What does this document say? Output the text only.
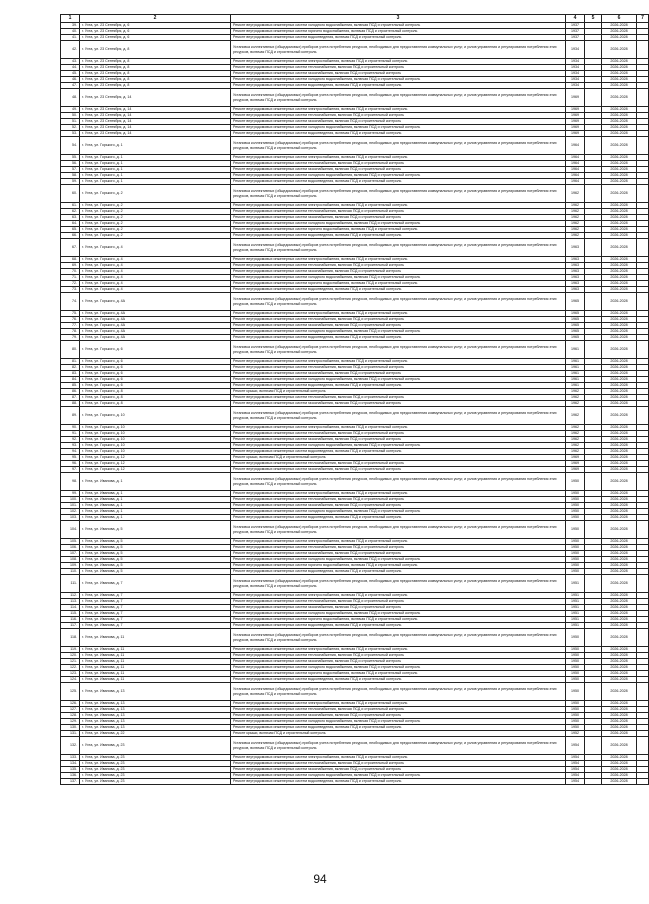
1	2	3	4	5	6	7
39.	г. Ухта, ул. 23 Сентября, д. 6	Ремонт внутридомовых инженерных систем холодного водоснабжения, включая ПСД и строительный контроль	1937		2026-2028	
40.	г. Ухта, ул. 23 Сентября, д. 6	Ремонт внутридомовых инженерных систем горячего водоснабжения, включая ПСД и строительный контроль	1937		2026-2028	
41.	г. Ухта, ул. 23 Сентября, д. 6	Ремонт внутридомовых инженерных систем водоотведения, включая ПСД и строительный контроль	1937		2026-2028	
42.	г. Ухта, ул. 23 Сентября, д. 8	Установка коллективных (общедомовых) приборов учета потребления ресурсов, необходимых для предоставления коммунальных услуг, и узлов управления и регулирования потребления этих ресурсов, включая ПСД и строительный контроль	1934		2026-2028	
43.	г. Ухта, ул. 23 Сентября, д. 8	Ремонт внутридомовых инженерных систем электроснабжения, включая ПСД и строительный контроль	1934		2026-2028	
44.	г. Ухта, ул. 23 Сентября, д. 8	Ремонт внутридомовых инженерных систем теплоснабжения, включая ПСД и строительный контроль	1934		2026-2028	
45.	г. Ухта, ул. 23 Сентября, д. 8	Ремонт внутридомовых инженерных систем газоснабжения, включая ПСД и строительный контроль	1934		2026-2028	
46.	г. Ухта, ул. 23 Сентября, д. 8	Ремонт внутридомовых инженерных систем холодного водоснабжения, включая ПСД и строительный контроль	1934		2026-2028	
47.	г. Ухта, ул. 23 Сентября, д. 8	Ремонт внутридомовых инженерных систем водоотведения, включая ПСД и строительный контроль	1934		2026-2028	
48.	г. Ухта, ул. 23 Сентября, д. 14	Установка коллективных (общедомовых) приборов учета потребления ресурсов, необходимых для предоставления коммунальных услуг, и узлов управления и регулирования потребления этих ресурсов, включая ПСД и строительный контроль	1969		2026-2028	
49.	г. Ухта, ул. 23 Сентября, д. 14	Ремонт внутридомовых инженерных систем электроснабжения, включая ПСД и строительный контроль	1969		2026-2028	
50.	г. Ухта, ул. 23 Сентября, д. 14	Ремонт внутридомовых инженерных систем теплоснабжения, включая ПСД и строительный контроль	1969		2026-2028	
51.	г. Ухта, ул. 23 Сентября, д. 14	Ремонт внутридомовых инженерных систем газоснабжения, включая ПСД и строительный контроль	1969		2026-2028	
52.	г. Ухта, ул. 23 Сентября, д. 14	Ремонт внутридомовых инженерных систем холодного водоснабжения, включая ПСД и строительный контроль	1969		2026-2028	
53.	г. Ухта, ул. 23 Сентября, д. 14	Ремонт внутридомовых инженерных систем водоотведения, включая ПСД и строительный контроль	1969		2026-2028	
54.	г. Ухта, ул. Горького, д. 1	Установка коллективных (общедомовых) приборов учета потребления ресурсов, необходимых для предоставления коммунальных услуг, и узлов управления и регулирования потребления этих ресурсов, включая ПСД и строительный контроль	1964		2026-2028	
55.	г. Ухта, ул. Горького, д. 1	Ремонт внутридомовых инженерных систем электроснабжения, включая ПСД и строительный контроль	1964		2026-2028	
56.	г. Ухта, ул. Горького, д. 1	Ремонт внутридомовых инженерных систем теплоснабжения, включая ПСД и строительный контроль	1964		2026-2028	
57.	г. Ухта, ул. Горького, д. 1	Ремонт внутридомовых инженерных систем газоснабжения, включая ПСД и строительный контроль	1964		2026-2028	
58.	г. Ухта, ул. Горького, д. 1	Ремонт внутридомовых инженерных систем холодного водоснабжения, включая ПСД и строительный контроль	1964		2026-2028	
59.	г. Ухта, ул. Горького, д. 1	Ремонт внутридомовых инженерных систем водоотведения, включая ПСД и строительный контроль	1964		2026-2028	
60.	г. Ухта, ул. Горького, д. 2	Установка коллективных (общедомовых) приборов учета потребления ресурсов, необходимых для предоставления коммунальных услуг, и узлов управления и регулирования потребления этих ресурсов, включая ПСД и строительный контроль	1962		2026-2028	
61.	г. Ухта, ул. Горького, д. 2	Ремонт внутридомовых инженерных систем электроснабжения, включая ПСД и строительный контроль	1962		2026-2028	
62.	г. Ухта, ул. Горького, д. 2	Ремонт внутридомовых инженерных систем теплоснабжения, включая ПСД и строительный контроль	1962		2026-2028	
63.	г. Ухта, ул. Горького, д. 2	Ремонт внутридомовых инженерных систем газоснабжения, включая ПСД и строительный контроль	1962		2026-2028	
64.	г. Ухта, ул. Горького, д. 2	Ремонт внутридомовых инженерных систем холодного водоснабжения, включая ПСД и строительный контроль	1962		2026-2028	
65.	г. Ухта, ул. Горького, д. 2	Ремонт внутридомовых инженерных систем горячего водоснабжения, включая ПСД и строительный контроль	1962		2026-2028	
66.	г. Ухта, ул. Горького, д. 2	Ремонт внутридомовых инженерных систем водоотведения, включая ПСД и строительный контроль	1962		2026-2028	
67.	г. Ухта, ул. Горького, д. 4	Установка коллективных (общедомовых) приборов учета потребления ресурсов, необходимых для предоставления коммунальных услуг, и узлов управления и регулирования потребления этих ресурсов, включая ПСД и строительный контроль	1963		2026-2028	
68.	г. Ухта, ул. Горького, д. 4	Ремонт внутридомовых инженерных систем электроснабжения, включая ПСД и строительный контроль	1963		2026-2028	
69.	г. Ухта, ул. Горького, д. 4	Ремонт внутридомовых инженерных систем теплоснабжения, включая ПСД и строительный контроль	1963		2026-2028	
70.	г. Ухта, ул. Горького, д. 4	Ремонт внутридомовых инженерных систем газоснабжения, включая ПСД и строительный контроль	1963		2026-2028	
71.	г. Ухта, ул. Горького, д. 4	Ремонт внутридомовых инженерных систем холодного водоснабжения, включая ПСД и строительный контроль	1963		2026-2028	
72.	г. Ухта, ул. Горького, д. 4	Ремонт внутридомовых инженерных систем горячего водоснабжения, включая ПСД и строительный контроль	1963		2026-2028	
73.	г. Ухта, ул. Горького, д. 4	Ремонт внутридомовых инженерных систем водоотведения, включая ПСД и строительный контроль	1963		2026-2028	
74.	г. Ухта, ул. Горького, д. 4А	Установка коллективных (общедомовых) приборов учета потребления ресурсов, необходимых для предоставления коммунальных услуг, и узлов управления и регулирования потребления этих ресурсов, включая ПСД и строительный контроль	1965		2026-2028	
75.	г. Ухта, ул. Горького, д. 4А	Ремонт внутридомовых инженерных систем электроснабжения, включая ПСД и строительный контроль	1965		2026-2028	
76.	г. Ухта, ул. Горького, д. 4А	Ремонт внутридомовых инженерных систем теплоснабжения, включая ПСД и строительный контроль	1965		2026-2028	
77.	г. Ухта, ул. Горького, д. 4А	Ремонт внутридомовых инженерных систем газоснабжения, включая ПСД и строительный контроль	1965		2026-2028	
78.	г. Ухта, ул. Горького, д. 4А	Ремонт внутридомовых инженерных систем холодного водоснабжения, включая ПСД и строительный контроль	1965		2026-2028	
79.	г. Ухта, ул. Горького, д. 4А	Ремонт внутридомовых инженерных систем водоотведения, включая ПСД и строительный контроль	1965		2026-2028	
80.	г. Ухта, ул. Горького, д. 6	Установка коллективных (общедомовых) приборов учета потребления ресурсов, необходимых для предоставления коммунальных услуг, и узлов управления и регулирования потребления этих ресурсов, включая ПСД и строительный контроль	1961		2026-2028	
81.	г. Ухта, ул. Горького, д. 6	Ремонт внутридомовых инженерных систем электроснабжения, включая ПСД и строительный контроль	1961		2026-2028	
82.	г. Ухта, ул. Горького, д. 6	Ремонт внутридомовых инженерных систем теплоснабжения, включая ПСД и строительный контроль	1961		2026-2028	
83.	г. Ухта, ул. Горького, д. 6	Ремонт внутридомовых инженерных систем газоснабжения, включая ПСД и строительный контроль	1961		2026-2028	
84.	г. Ухта, ул. Горького, д. 6	Ремонт внутридомовых инженерных систем холодного водоснабжения, включая ПСД и строительный контроль	1961		2026-2028	
85.	г. Ухта, ул. Горького, д. 6	Ремонт внутридомовых инженерных систем водоотведения, включая ПСД и строительный контроль	1961		2026-2028	
86.	г. Ухта, ул. Горького, д. 8	Ремонт крыши, включая ПСД и строительный контроль	1962		2026-2028	
87.	г. Ухта, ул. Горького, д. 8	Ремонт внутридомовых инженерных систем теплоснабжения, включая ПСД и строительный контроль	1962		2026-2028	
88.	г. Ухта, ул. Горького, д. 8	Ремонт внутридомовых инженерных систем газоснабжения, включая ПСД и строительный контроль	1962		2026-2028	
89.	г. Ухта, ул. Горького, д. 10	Установка коллективных (общедомовых) приборов учета потребления ресурсов, необходимых для предоставления коммунальных услуг, и узлов управления и регулирования потребления этих ресурсов, включая ПСД и строительный контроль	1962		2026-2028	
90.	г. Ухта, ул. Горького, д. 10	Ремонт внутридомовых инженерных систем электроснабжения, включая ПСД и строительный контроль	1962		2026-2028	
91.	г. Ухта, ул. Горького, д. 10	Ремонт внутридомовых инженерных систем теплоснабжения, включая ПСД и строительный контроль	1962		2026-2028	
92.	г. Ухта, ул. Горького, д. 10	Ремонт внутридомовых инженерных систем газоснабжения, включая ПСД и строительный контроль	1962		2026-2028	
93.	г. Ухта, ул. Горького, д. 10	Ремонт внутридомовых инженерных систем холодного водоснабжения, включая ПСД и строительный контроль	1962		2026-2028	
94.	г. Ухта, ул. Горького, д. 10	Ремонт внутридомовых инженерных систем водоотведения, включая ПСД и строительный контроль	1962		2026-2028	
95.	г. Ухта, ул. Горького, д. 12	Ремонт крыши, включая ПСД и строительный контроль	1969		2026-2028	
96.	г. Ухта, ул. Горького, д. 12	Ремонт внутридомовых инженерных систем теплоснабжения, включая ПСД и строительный контроль	1969		2026-2028	
97.	г. Ухта, ул. Горького, д. 12	Ремонт внутридомовых инженерных систем газоснабжения, включая ПСД и строительный контроль	1969		2026-2028	
98.	г. Ухта, ул. Иванова, д. 1	Установка коллективных (общедомовых) приборов учета потребления ресурсов, необходимых для предоставления коммунальных услуг, и узлов управления и регулирования потребления этих ресурсов, включая ПСД и строительный контроль	1950		2026-2028	
99.	г. Ухта, ул. Иванова, д. 1	Ремонт внутридомовых инженерных систем электроснабжения, включая ПСД и строительный контроль	1950		2026-2028	
100.	г. Ухта, ул. Иванова, д. 1	Ремонт внутридомовых инженерных систем теплоснабжения, включая ПСД и строительный контроль	1950		2026-2028	
101.	г. Ухта, ул. Иванова, д. 1	Ремонт внутридомовых инженерных систем газоснабжения, включая ПСД и строительный контроль	1950		2026-2028	
102.	г. Ухта, ул. Иванова, д. 1	Ремонт внутридомовых инженерных систем холодного водоснабжения, включая ПСД и строительный контроль	1950		2026-2028	
103.	г. Ухта, ул. Иванова, д. 1	Ремонт внутридомовых инженерных систем водоотведения, включая ПСД и строительный контроль	1950		2026-2028	
104.	г. Ухта, ул. Иванова, д. 5	Установка коллективных (общедомовых) приборов учета потребления ресурсов, необходимых для предоставления коммунальных услуг, и узлов управления и регулирования потребления этих ресурсов, включая ПСД и строительный контроль	1950		2026-2028	
105.	г. Ухта, ул. Иванова, д. 5	Ремонт внутридомовых инженерных систем электроснабжения, включая ПСД и строительный контроль	1950		2026-2028	
106.	г. Ухта, ул. Иванова, д. 5	Ремонт внутридомовых инженерных систем теплоснабжения, включая ПСД и строительный контроль	1950		2026-2028	
107.	г. Ухта, ул. Иванова, д. 5	Ремонт внутридомовых инженерных систем газоснабжения, включая ПСД и строительный контроль	1950		2026-2028	
108.	г. Ухта, ул. Иванова, д. 5	Ремонт внутридомовых инженерных систем холодного водоснабжения, включая ПСД и строительный контроль	1950		2026-2028	
109.	г. Ухта, ул. Иванова, д. 5	Ремонт внутридомовых инженерных систем горячего водоснабжения, включая ПСД и строительный контроль	1950		2026-2028	
110.	г. Ухта, ул. Иванова, д. 5	Ремонт внутридомовых инженерных систем водоотведения, включая ПСД и строительный контроль	1950		2026-2028	
111.	г. Ухта, ул. Иванова, д. 7	Установка коллективных (общедомовых) приборов учета потребления ресурсов, необходимых для предоставления коммунальных услуг, и узлов управления и регулирования потребления этих ресурсов, включая ПСД и строительный контроль	1951		2026-2028	
112.	г. Ухта, ул. Иванова, д. 7	Ремонт внутридомовых инженерных систем электроснабжения, включая ПСД и строительный контроль	1951		2026-2028	
113.	г. Ухта, ул. Иванова, д. 7	Ремонт внутридомовых инженерных систем теплоснабжения, включая ПСД и строительный контроль	1951		2026-2028	
114.	г. Ухта, ул. Иванова, д. 7	Ремонт внутридомовых инженерных систем газоснабжения, включая ПСД и строительный контроль	1951		2026-2028	
115.	г. Ухта, ул. Иванова, д. 7	Ремонт внутридомовых инженерных систем холодного водоснабжения, включая ПСД и строительный контроль	1951		2026-2028	
116.	г. Ухта, ул. Иванова, д. 7	Ремонт внутридомовых инженерных систем горячего водоснабжения, включая ПСД и строительный контроль	1951		2026-2028	
117.	г. Ухта, ул. Иванова, д. 7	Ремонт внутридомовых инженерных систем водоотведения, включая ПСД и строительный контроль	1951		2026-2028	
118.	г. Ухта, ул. Иванова, д. 11	Установка коллективных (общедомовых) приборов учета потребления ресурсов, необходимых для предоставления коммунальных услуг, и узлов управления и регулирования потребления этих ресурсов, включая ПСД и строительный контроль	1950		2026-2028	
119.	г. Ухта, ул. Иванова, д. 11	Ремонт внутридомовых инженерных систем электроснабжения, включая ПСД и строительный контроль	1950		2026-2028	
120.	г. Ухта, ул. Иванова, д. 11	Ремонт внутридомовых инженерных систем теплоснабжения, включая ПСД и строительный контроль	1950		2026-2028	
121.	г. Ухта, ул. Иванова, д. 11	Ремонт внутридомовых инженерных систем газоснабжения, включая ПСД и строительный контроль	1950		2026-2028	
122.	г. Ухта, ул. Иванова, д. 11	Ремонт внутридомовых инженерных систем холодного водоснабжения, включая ПСД и строительный контроль	1950		2026-2028	
123.	г. Ухта, ул. Иванова, д. 11	Ремонт внутридомовых инженерных систем горячего водоснабжения, включая ПСД и строительный контроль	1950		2026-2028	
124.	г. Ухта, ул. Иванова, д. 11	Ремонт внутридомовых инженерных систем водоотведения, включая ПСД и строительный контроль	1950		2026-2028	
125.	г. Ухта, ул. Иванова, д. 13	Установка коллективных (общедомовых) приборов учета потребления ресурсов, необходимых для предоставления коммунальных услуг, и узлов управления и регулирования потребления этих ресурсов, включая ПСД и строительный контроль	1950		2026-2028	
126.	г. Ухта, ул. Иванова, д. 13	Ремонт внутридомовых инженерных систем электроснабжения, включая ПСД и строительный контроль	1950		2026-2028	
127.	г. Ухта, ул. Иванова, д. 13	Ремонт внутридомовых инженерных систем теплоснабжения, включая ПСД и строительный контроль	1950		2026-2028	
128.	г. Ухта, ул. Иванова, д. 13	Ремонт внутридомовых инженерных систем газоснабжения, включая ПСД и строительный контроль	1950		2026-2028	
129.	г. Ухта, ул. Иванова, д. 13	Ремонт внутридомовых инженерных систем холодного водоснабжения, включая ПСД и строительный контроль	1950		2026-2028	
130.	г. Ухта, ул. Иванова, д. 13	Ремонт внутридомовых инженерных систем водоотведения, включая ПСД и строительный контроль	1950		2026-2028	
131.	г. Ухта, ул. Иванова, д. 22	Ремонт крыши, включая ПСД и строительный контроль	1952		2026-2028	
132.	г. Ухта, ул. Иванова, д. 23	Установка коллективных (общедомовых) приборов учета потребления ресурсов, необходимых для предоставления коммунальных услуг, и узлов управления и регулирования потребления этих ресурсов, включая ПСД и строительный контроль	1954		2026-2028	
133.	г. Ухта, ул. Иванова, д. 23	Ремонт внутридомовых инженерных систем электроснабжения, включая ПСД и строительный контроль	1954		2026-2028	
134.	г. Ухта, ул. Иванова, д. 23	Ремонт внутридомовых инженерных систем теплоснабжения, включая ПСД и строительный контроль	1954		2026-2028	
135.	г. Ухта, ул. Иванова, д. 23	Ремонт внутридомовых инженерных систем газоснабжения, включая ПСД и строительный контроль	1954		2026-2028	
136.	г. Ухта, ул. Иванова, д. 23	Ремонт внутридомовых инженерных систем холодного водоснабжения, включая ПСД и строительный контроль	1954		2026-2028	
137.	г. Ухта, ул. Иванова, д. 23	Ремонт внутридомовых инженерных систем водоотведения, включая ПСД и строительный контроль	1954		2026-2028	
94
